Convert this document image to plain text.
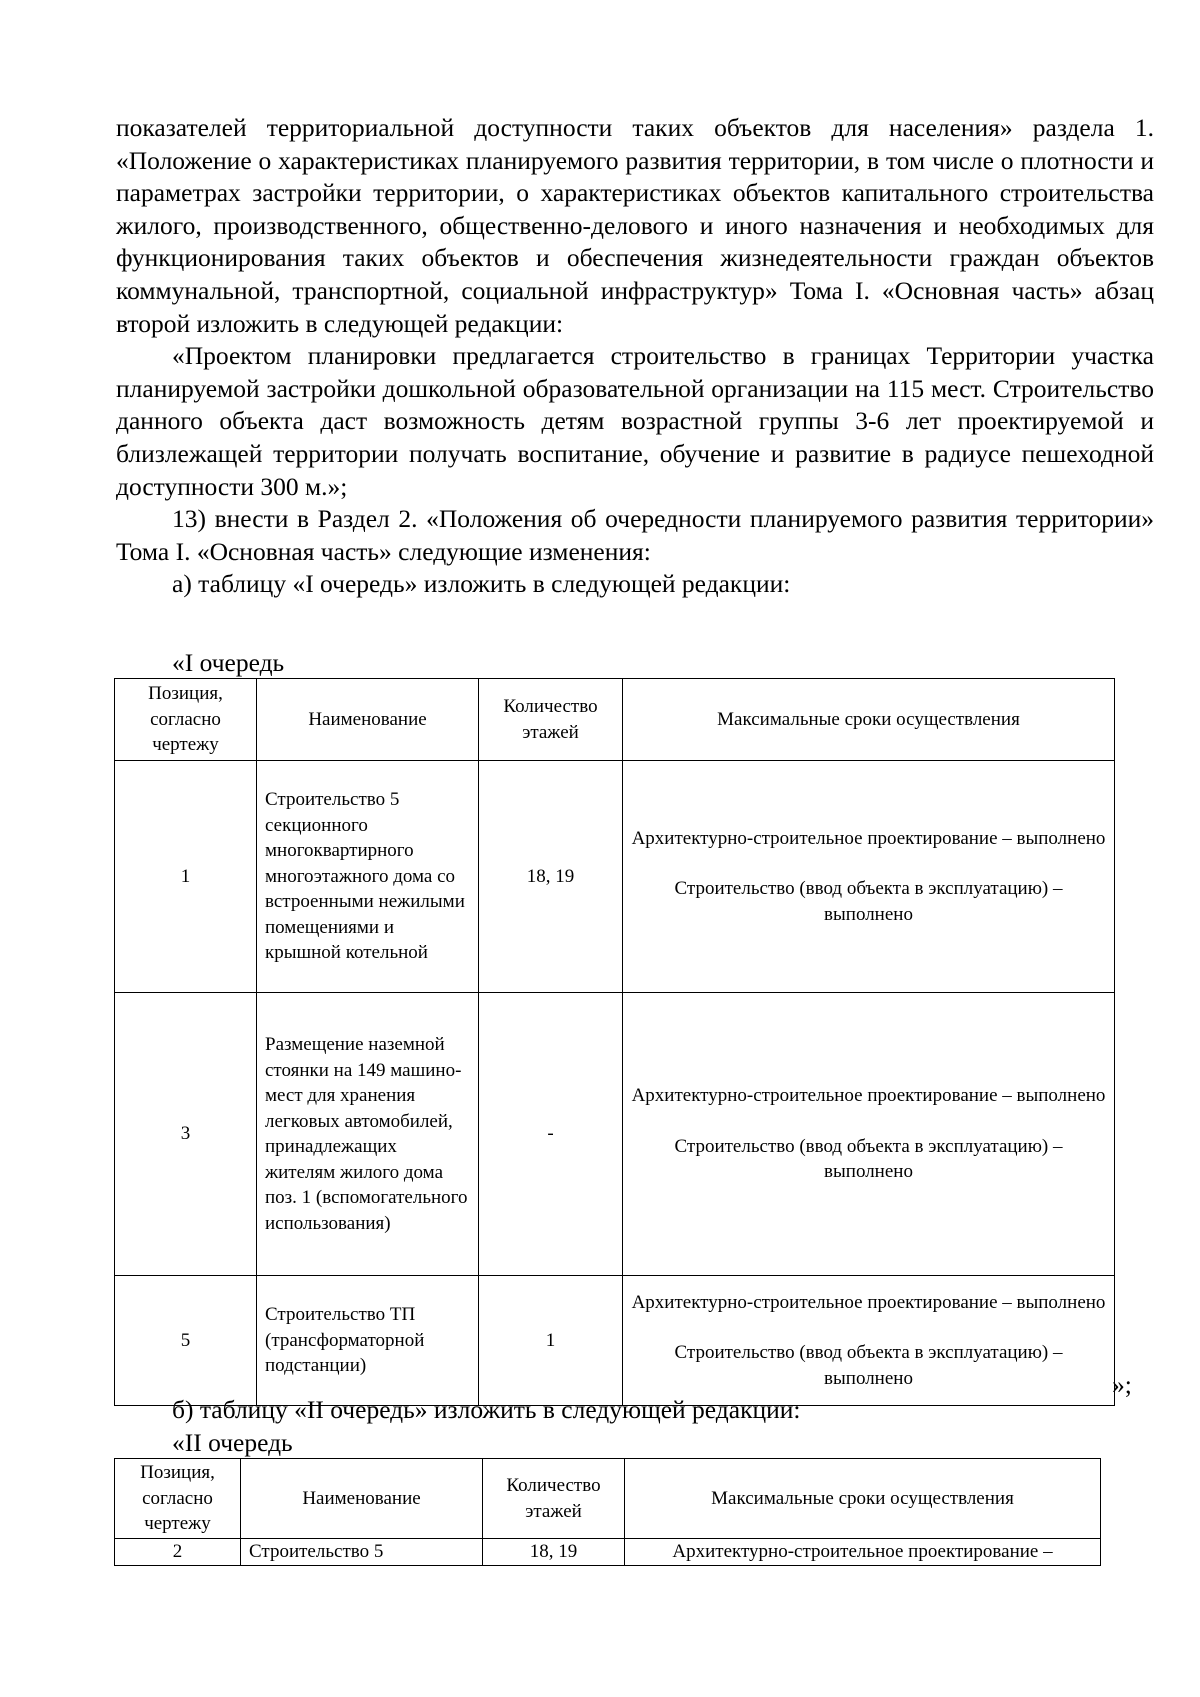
показателей территориальной доступности таких объектов для населения» раздела 1. «Положение о характеристиках планируемого развития территории, в том числе о плотности и параметрах застройки территории, о характеристиках объектов капитального строительства жилого, производственного, общественно-делового и иного назначения и необходимых для функционирования таких объектов и обеспечения жизнедеятельности граждан объектов коммунальной, транспортной, социальной инфраструктур» Тома I. «Основная часть» абзац второй изложить в следующей редакции:

«Проектом планировки предлагается строительство в границах Территории участка планируемой застройки дошкольной образовательной организации на 115 мест. Строительство данного объекта даст возможность детям возрастной группы 3-6 лет проектируемой и близлежащей территории получать воспитание, обучение и развитие в радиусе пешеходной доступности 300 м.»;

13) внести в Раздел 2. «Положения об очередности планируемого развития территории» Тома I. «Основная часть» следующие изменения:

а) таблицу «I очередь» изложить в следующей редакции:

«I очередь
Позиция, согласно чертежу	Наименование	Количество этажей	Максимальные сроки осуществления
1	Строительство 5 секционного многоквартирного многоэтажного дома со встроенными нежилыми помещениями и крышной котельной	18, 19	Архитектурно-строительное проектирование – выполнено

Строительство (ввод объекта в эксплуатацию) – выполнено

3	Размещение наземной стоянки на 149 машино-мест для хранения легковых автомобилей, принадлежащих жителям жилого дома поз. 1 (вспомогательного использования)	-	Архитектурно-строительное проектирование – выполнено

Строительство (ввод объекта в эксплуатацию) – выполнено

5	Строительство ТП (трансформаторной подстанции)	1	Архитектурно-строительное проектирование – выполнено

Строительство (ввод объекта в эксплуатацию) – выполнено	»;

б) таблицу «II очередь» изложить в следующей редакции:

«II очередь
Позиция, согласно чертежу	Наименование	Количество этажей	Максимальные сроки осуществления
2	Строительство 5	18, 19	Архитектурно-строительное проектирование –
